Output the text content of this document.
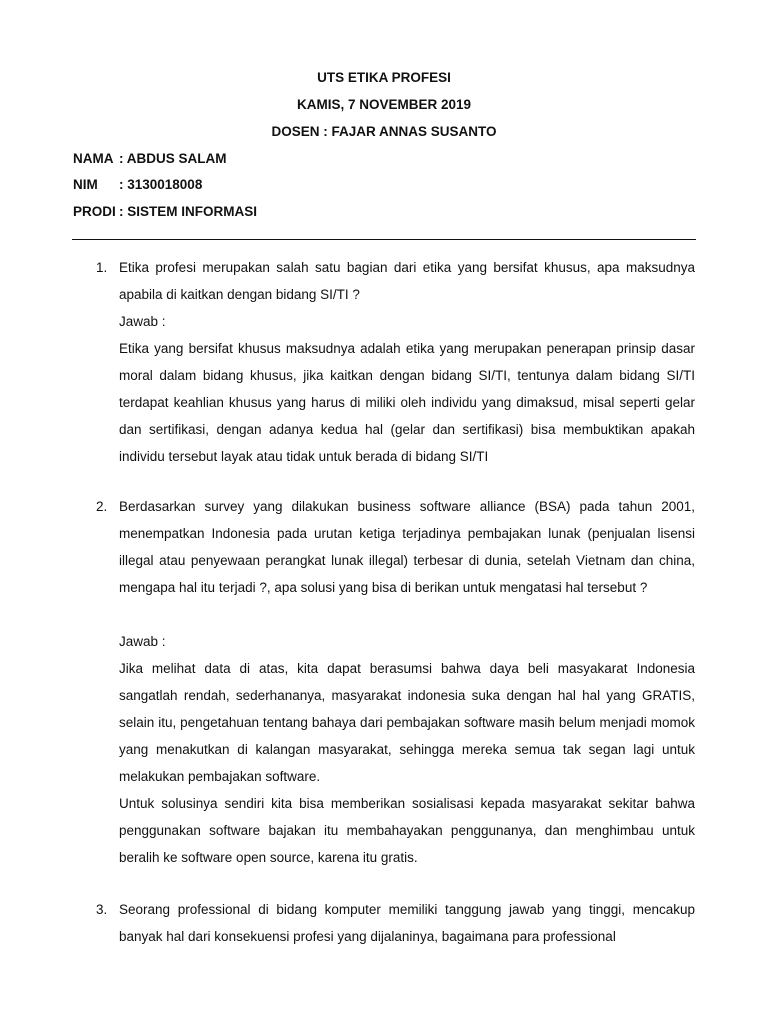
UTS ETIKA PROFESI
KAMIS, 7 NOVEMBER 2019
DOSEN : FAJAR ANNAS SUSANTO
NAMA : ABDUS SALAM
NIM : 3130018008
PRODI : SISTEM INFORMASI
1. Etika profesi merupakan salah satu bagian dari etika yang bersifat khusus, apa maksudnya apabila di kaitkan dengan bidang SI/TI ?

Jawab :

Etika yang bersifat khusus maksudnya adalah etika yang merupakan penerapan prinsip dasar moral dalam bidang khusus, jika kaitkan dengan bidang SI/TI, tentunya dalam bidang SI/TI terdapat keahlian khusus yang harus di miliki oleh individu yang dimaksud, misal seperti gelar dan sertifikasi, dengan adanya kedua hal (gelar dan sertifikasi) bisa membuktikan apakah individu tersebut layak atau tidak untuk berada di bidang SI/TI

2. Berdasarkan survey yang dilakukan business software alliance (BSA) pada tahun 2001, menempatkan Indonesia pada urutan ketiga terjadinya pembajakan lunak (penjualan lisensi illegal atau penyewaan perangkat lunak illegal) terbesar di dunia, setelah Vietnam dan china, mengapa hal itu terjadi ?, apa solusi yang bisa di berikan untuk mengatasi hal tersebut ?

Jawab :

Jika melihat data di atas, kita dapat berasumsi bahwa daya beli masyakarat Indonesia sangatlah rendah, sederhananya, masyarakat indonesia suka dengan hal hal yang GRATIS, selain itu, pengetahuan tentang bahaya dari pembajakan software masih belum menjadi momok yang menakutkan di kalangan masyarakat, sehingga mereka semua tak segan lagi untuk melakukan pembajakan software.

Untuk solusinya sendiri kita bisa memberikan sosialisasi kepada masyarakat sekitar bahwa penggunakan software bajakan itu membahayakan penggunanya, dan menghimbau untuk beralih ke software open source, karena itu gratis.

3. Seorang professional di bidang komputer memiliki tanggung jawab yang tinggi, mencakup banyak hal dari konsekuensi profesi yang dijalaninya, bagaimana para professional
